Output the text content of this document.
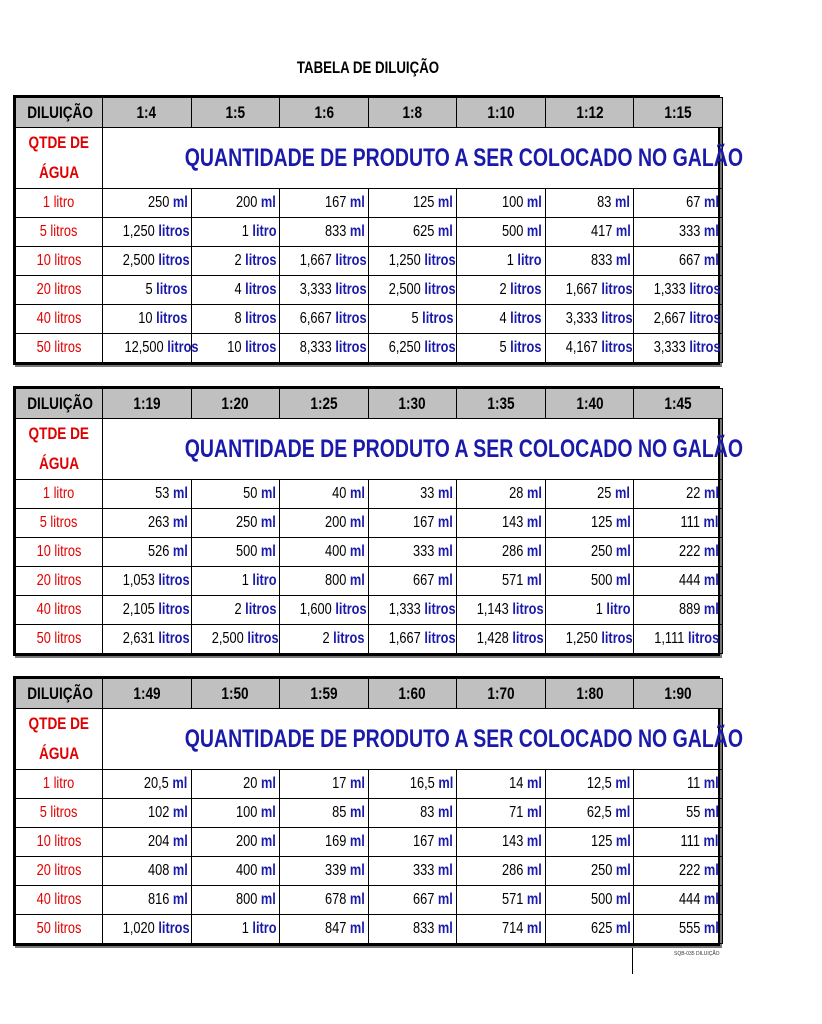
TABELA DE DILUIÇÃO
DILUIÇÃO	1:4	1:5	1:6	1:8	1:10	1:12	1:15
QTDE DE
ÁGUA	QUANTIDADE DE PRODUTO A SER COLOCADO NO GALÃO						
1 litro	250 ml	200 ml	167 ml	125 ml	100 ml	83 ml	67 ml
5 litros	1,250 litros	1 litro	833 ml	625 ml	500 ml	417 ml	333 ml
10 litros	2,500 litros	2 litros	1,667 litros	1,250 litros	1 litro	833 ml	667 ml
20 litros	5 litros	4 litros	3,333 litros	2,500 litros	2 litros	1,667 litros	1,333 litros
40 litros	10 litros	8 litros	6,667 litros	5 litros	4 litros	3,333 litros	2,667 litros
50 litros	12,500 litros	10 litros	8,333 litros	6,250 litros	5 litros	4,167 litros	3,333 litros
DILUIÇÃO	1:19	1:20	1:25	1:30	1:35	1:40	1:45
QTDE DE
ÁGUA	QUANTIDADE DE PRODUTO A SER COLOCADO NO GALÃO						
1 litro	53 ml	50 ml	40 ml	33 ml	28 ml	25 ml	22 ml
5 litros	263 ml	250 ml	200 ml	167 ml	143 ml	125 ml	111 ml
10 litros	526 ml	500 ml	400 ml	333 ml	286 ml	250 ml	222 ml
20 litros	1,053 litros	1 litro	800 ml	667 ml	571 ml	500 ml	444 ml
40 litros	2,105 litros	2 litros	1,600 litros	1,333 litros	1,143 litros	1 litro	889 ml
50 litros	2,631 litros	2,500 litros	2 litros	1,667 litros	1,428 litros	1,250 litros	1,111 litros
DILUIÇÃO	1:49	1:50	1:59	1:60	1:70	1:80	1:90
QTDE DE
ÁGUA	QUANTIDADE DE PRODUTO A SER COLOCADO NO GALÃO						
1 litro	20,5 ml	20 ml	17 ml	16,5 ml	14 ml	12,5 ml	11 ml
5 litros	102 ml	100 ml	85 ml	83 ml	71 ml	62,5 ml	55 ml
10 litros	204 ml	200 ml	169 ml	167 ml	143 ml	125 ml	111 ml
20 litros	408 ml	400 ml	339 ml	333 ml	286 ml	250 ml	222 ml
40 litros	816 ml	800 ml	678 ml	667 ml	571 ml	500 ml	444 ml
50 litros	1,020 litros	1 litro	847 ml	833 ml	714 ml	625 ml	555 ml
SQB-035 DILUIÇÃO
